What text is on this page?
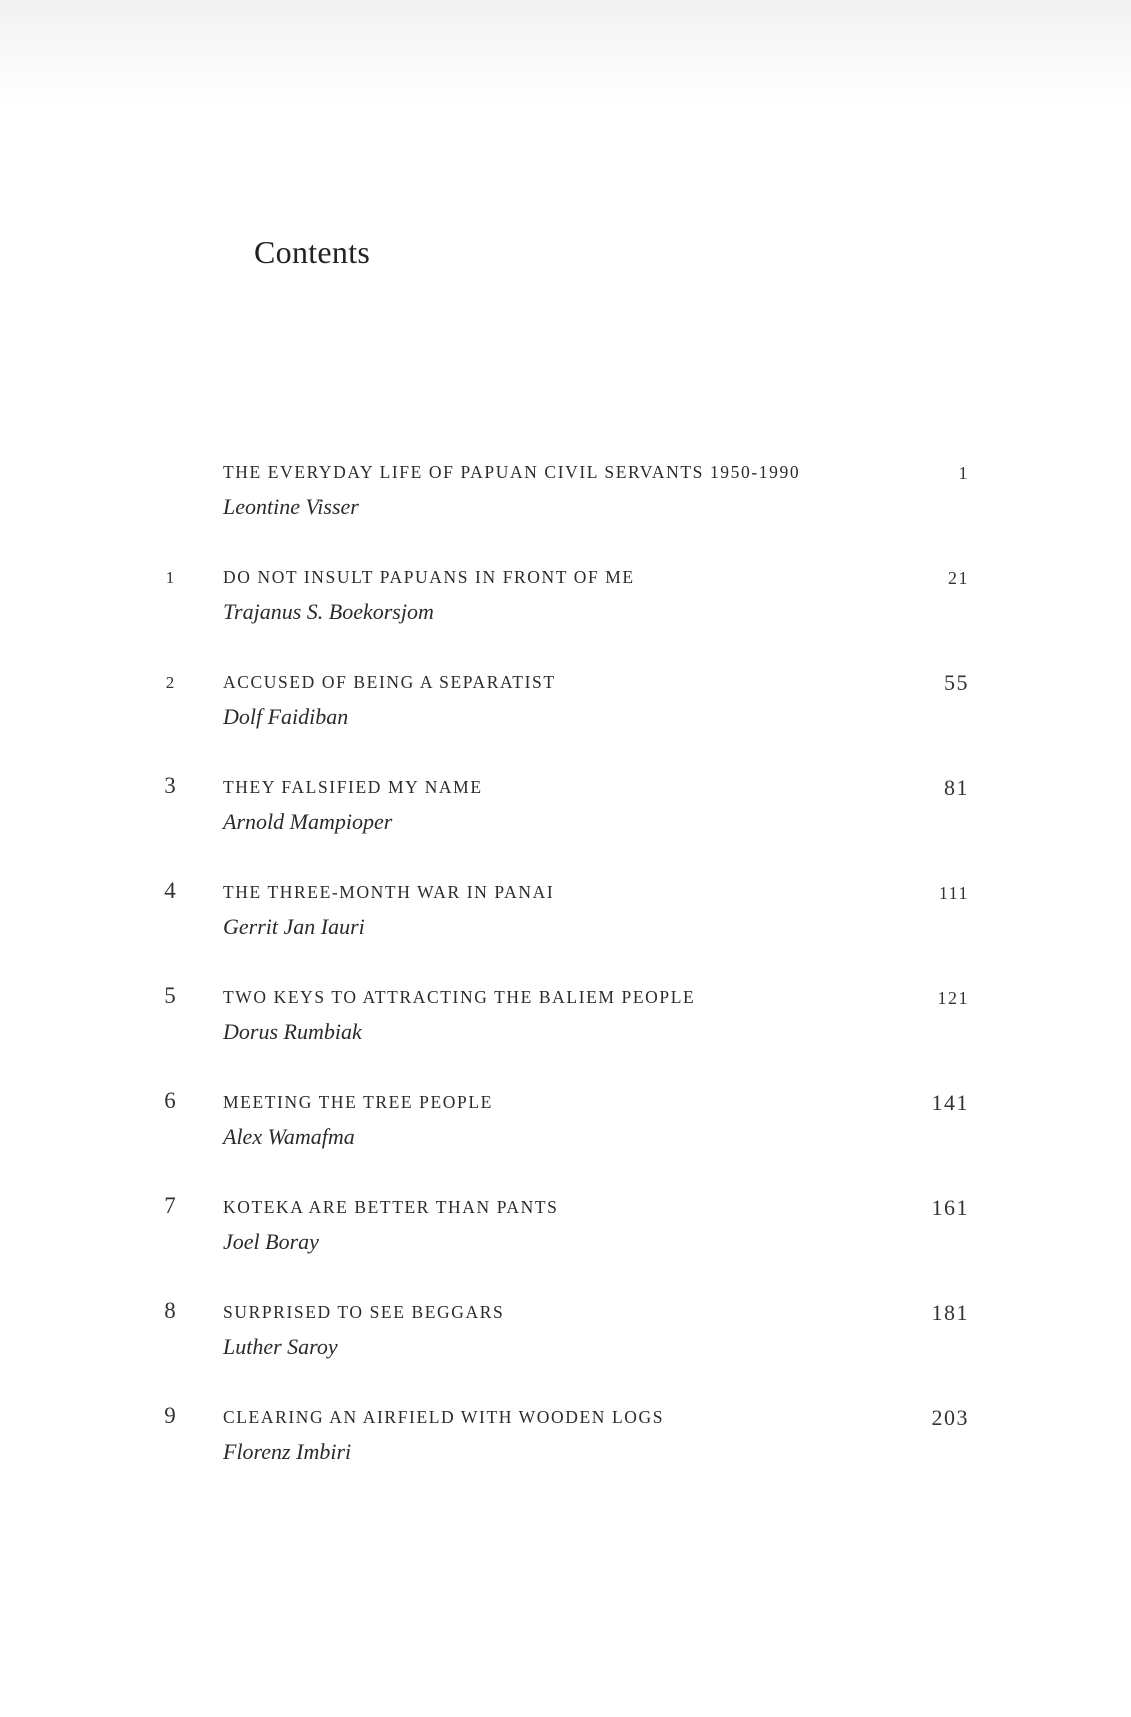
Contents
THE EVERYDAY LIFE OF PAPUAN CIVIL SERVANTS 1950-1990
Leontine Visser
1
1	DO NOT INSULT PAPUANS IN FRONT OF ME
Trajanus S. Boekorsjom
21
2	ACCUSED OF BEING A SEPARATIST
Dolf Faidiban
55
3	THEY FALSIFIED MY NAME
Arnold Mampioper
81
4	THE THREE-MONTH WAR IN PANAI
Gerrit Jan Iauri
111
5	TWO KEYS TO ATTRACTING THE BALIEM PEOPLE
Dorus Rumbiak
121
6	MEETING THE TREE PEOPLE
Alex Wamafma
141
7	KOTEKA ARE BETTER THAN PANTS
Joel Boray
161
8	SURPRISED TO SEE BEGGARS
Luther Saroy
181
9	CLEARING AN AIRFIELD WITH WOODEN LOGS
Florenz Imbiri
203
